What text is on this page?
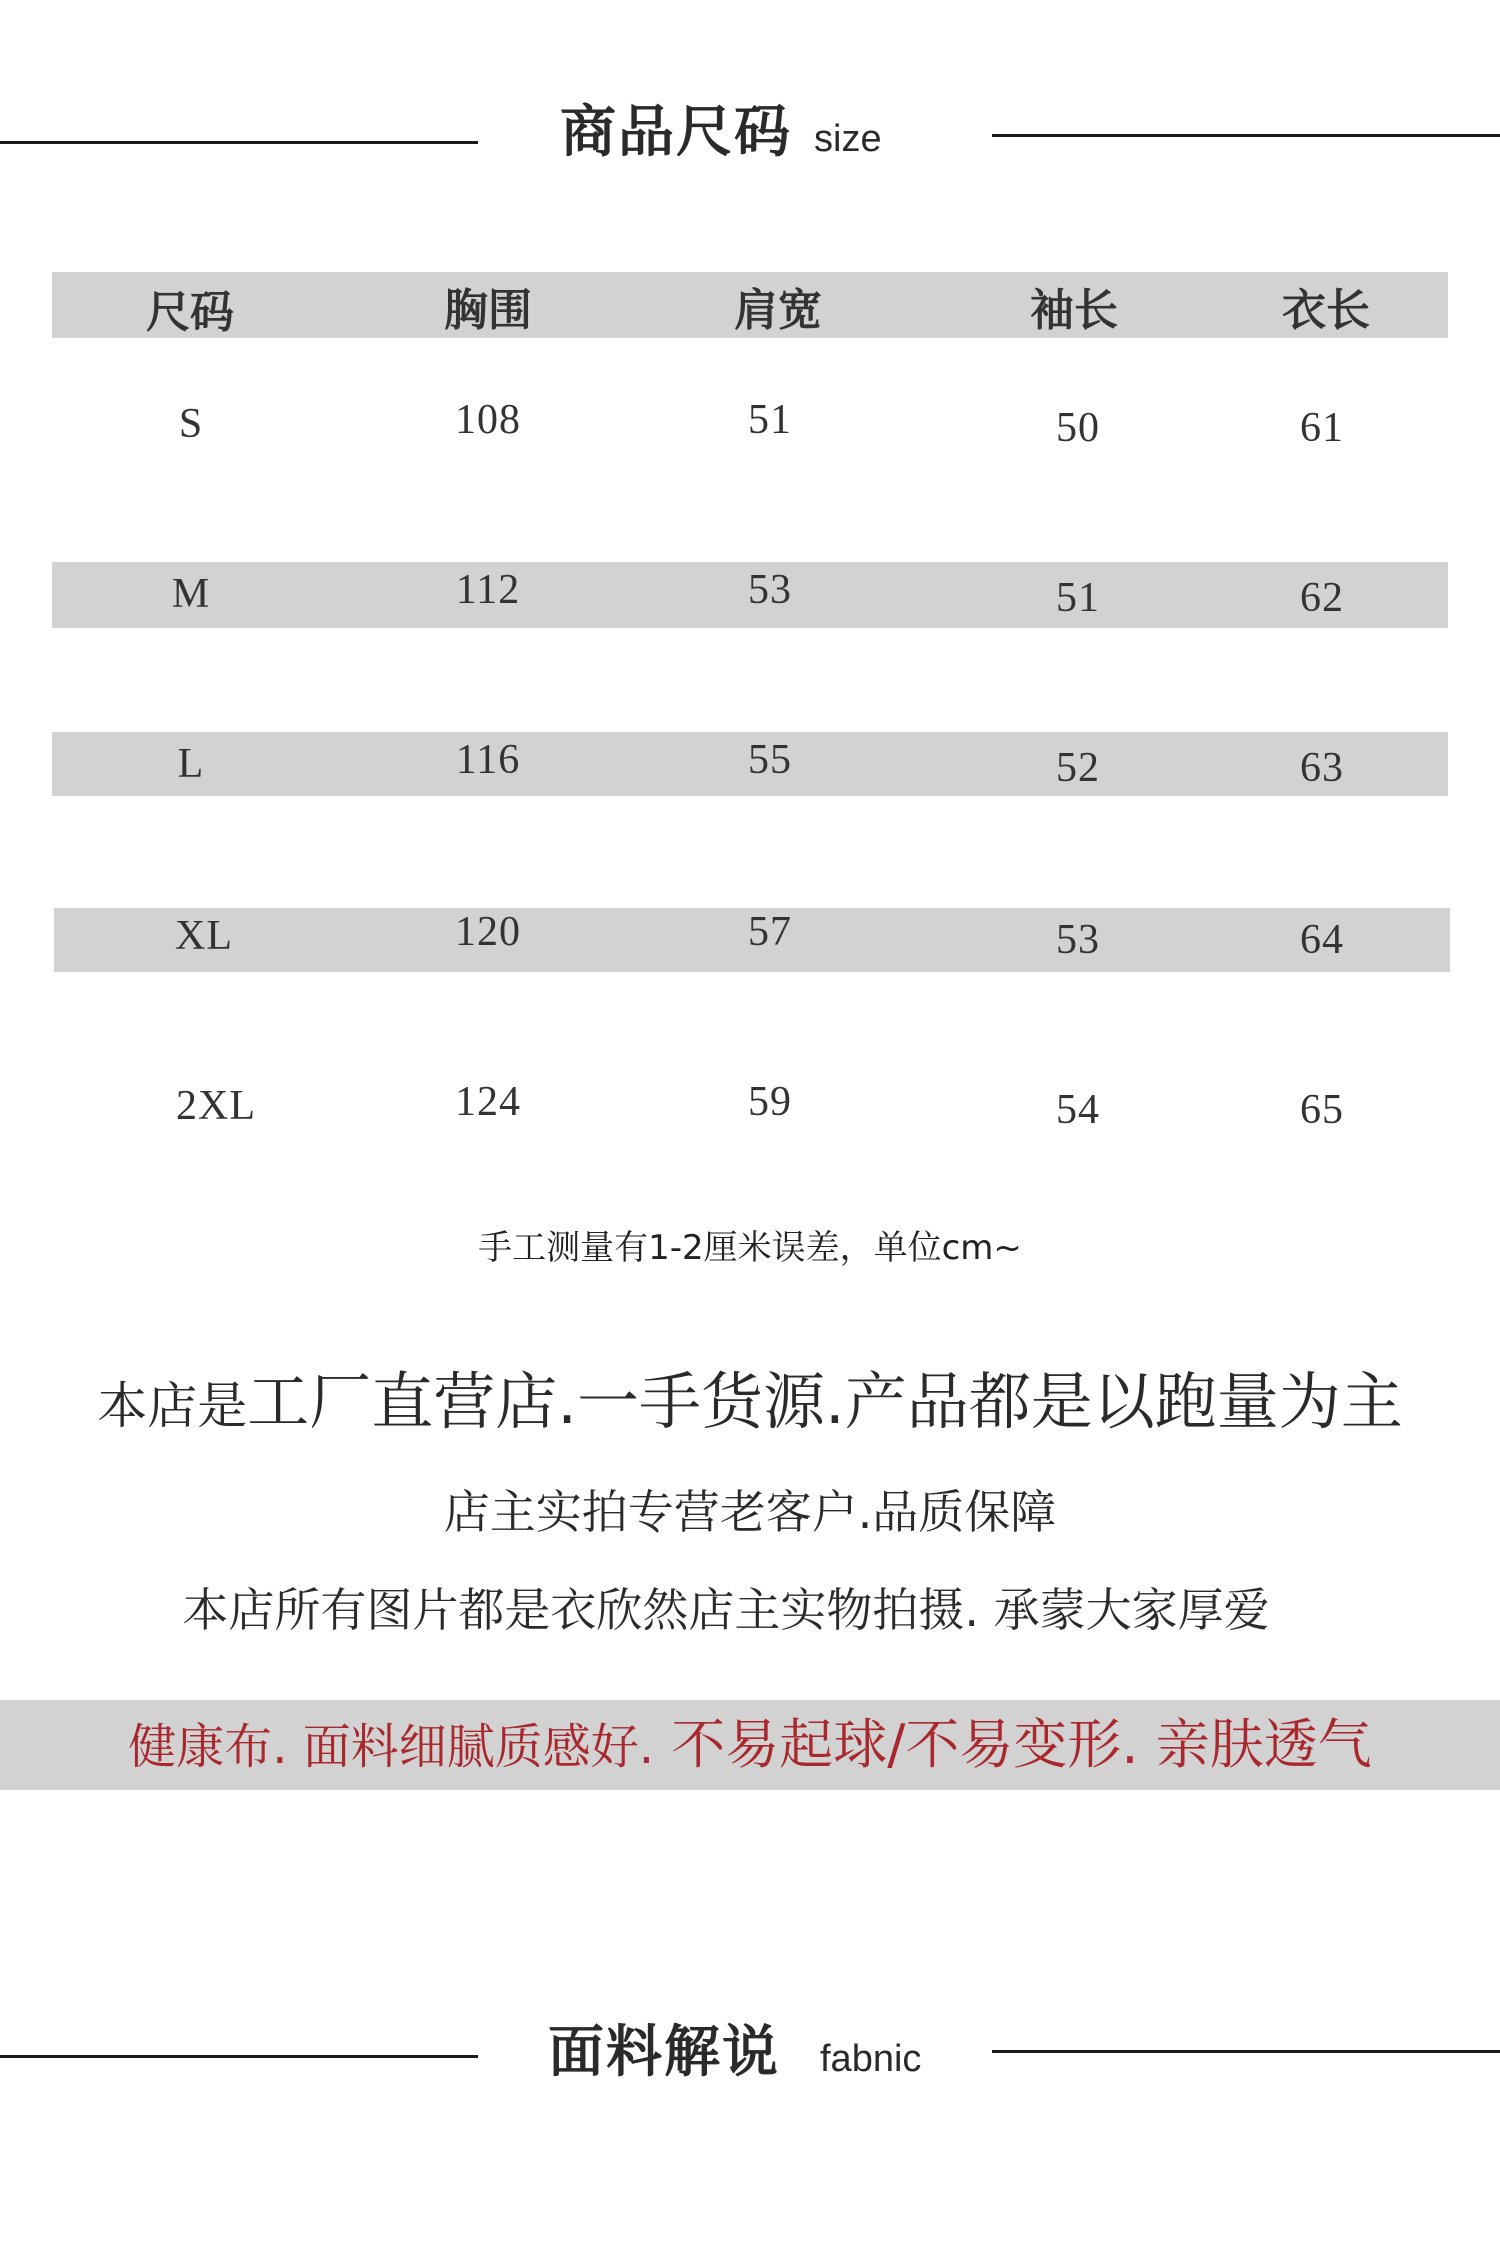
商品尺码 size
尺码	胸围	肩宽	袖长	衣长
S	108	51	50	61
M	112	53	51	62
L	116	55	52	63
XL	120	57	53	64
2XL	124	59	54	65
手工测量有1-2厘米误差，单位cm~
本店是工厂直营店.一手货源.产品都是以跑量为主
店主实拍专营老客户.品质保障
本店所有图片都是衣欣然店主实物拍摄. 承蒙大家厚爱
健康布. 面料细腻质感好. 不易起球/不易变形. 亲肤透气
面料解说 fabnic
